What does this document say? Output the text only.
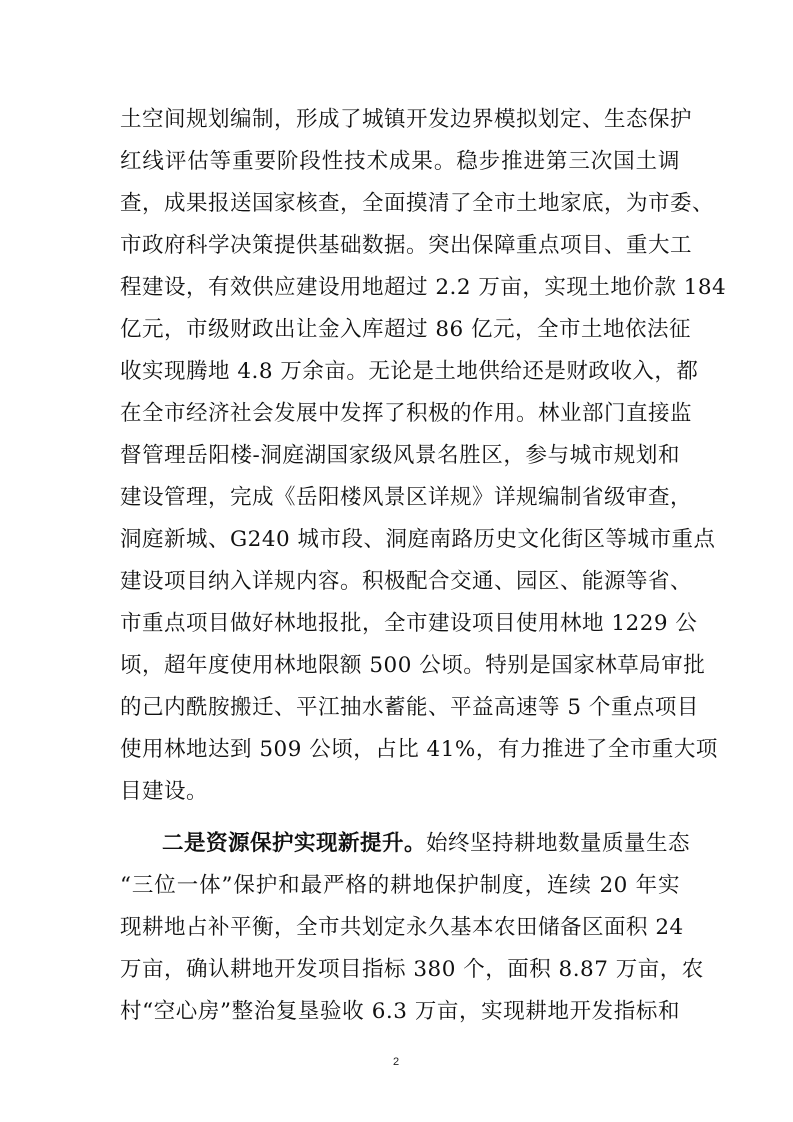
土空间规划编制，形成了城镇开发边界模拟划定、生态保护
红线评估等重要阶段性技术成果。稳步推进第三次国土调
查，成果报送国家核查，全面摸清了全市土地家底，为市委、
市政府科学决策提供基础数据。突出保障重点项目、重大工
程建设，有效供应建设用地超过 2.2 万亩，实现土地价款 184
亿元，市级财政出让金入库超过 86 亿元，全市土地依法征
收实现腾地 4.8 万余亩。无论是土地供给还是财政收入，都
在全市经济社会发展中发挥了积极的作用。林业部门直接监
督管理岳阳楼-洞庭湖国家级风景名胜区，参与城市规划和
建设管理，完成《岳阳楼风景区详规》详规编制省级审查，
洞庭新城、G240 城市段、洞庭南路历史文化街区等城市重点
建设项目纳入详规内容。积极配合交通、园区、能源等省、
市重点项目做好林地报批，全市建设项目使用林地 1229 公
顷，超年度使用林地限额 500 公顷。特别是国家林草局审批
的己内酰胺搬迁、平江抽水蓄能、平益高速等 5 个重点项目
使用林地达到 509 公顷，占比 41%，有力推进了全市重大项
目建设。
二是资源保护实现新提升。始终坚持耕地数量质量生态
“三位一体”保护和最严格的耕地保护制度，连续 20 年实
现耕地占补平衡，全市共划定永久基本农田储备区面积 24
万亩，确认耕地开发项目指标 380 个，面积 8.87 万亩，农
村“空心房”整治复垦验收 6.3 万亩，实现耕地开发指标和
2
